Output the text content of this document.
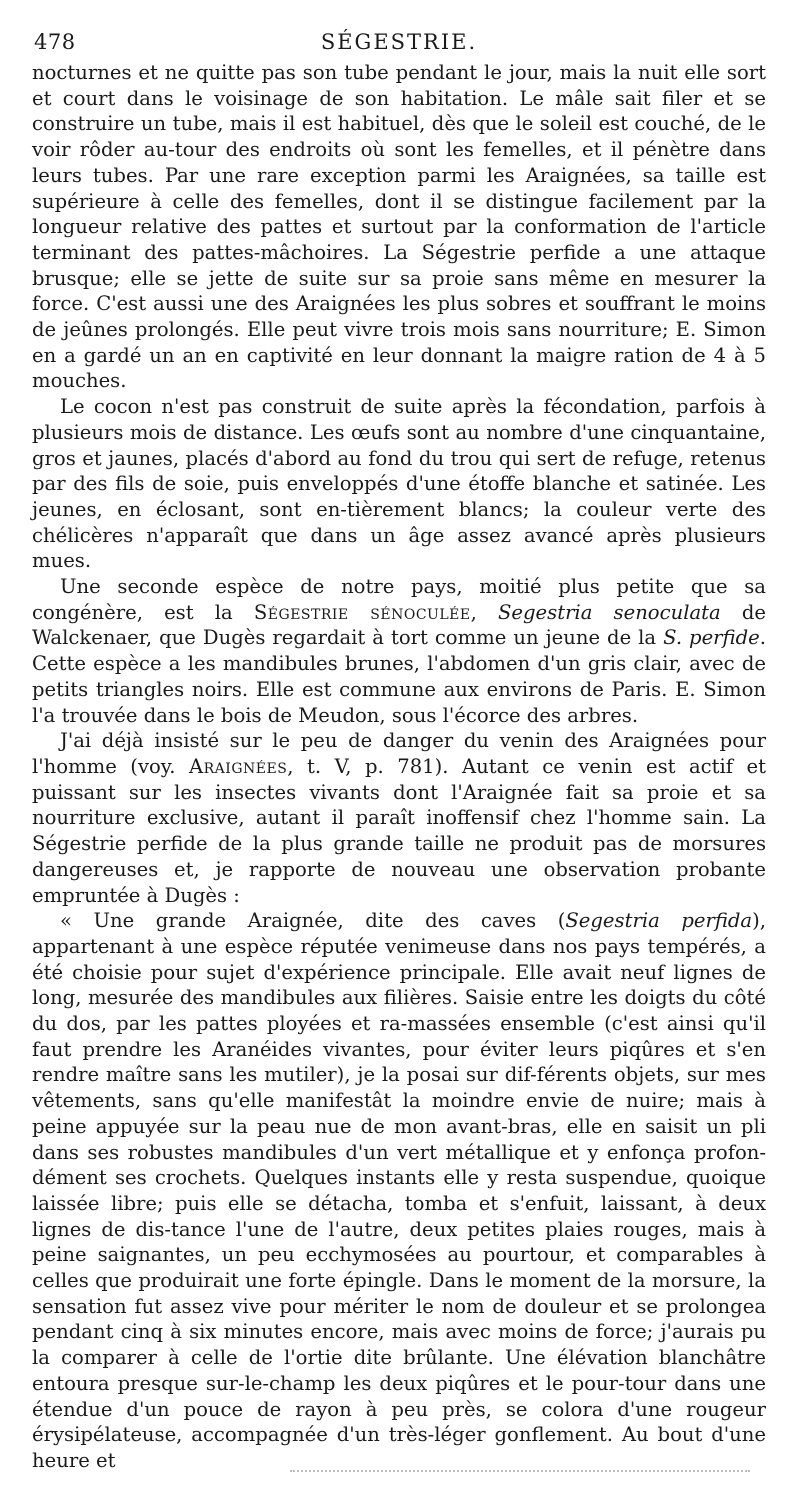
478	SÉGESTRIE.

nocturnes et ne quitte pas son tube pendant le jour, mais la nuit elle sort et court dans le voisinage de son habitation. Le mâle sait filer et se construire un tube, mais il est habituel, dès que le soleil est couché, de le voir rôder au-tour des endroits où sont les femelles, et il pénètre dans leurs tubes. Par une rare exception parmi les Araignées, sa taille est supérieure à celle des femelles, dont il se distingue facilement par la longueur relative des pattes et surtout par la conformation de l'article terminant des pattes-mâchoires. La Ségestrie perfide a une attaque brusque; elle se jette de suite sur sa proie sans même en mesurer la force. C'est aussi une des Araignées les plus sobres et souffrant le moins de jeûnes prolongés. Elle peut vivre trois mois sans nourriture; E. Simon en a gardé un an en captivité en leur donnant la maigre ration de 4 à 5 mouches.

Le cocon n'est pas construit de suite après la fécondation, parfois à plusieurs mois de distance. Les œufs sont au nombre d'une cinquantaine, gros et jaunes, placés d'abord au fond du trou qui sert de refuge, retenus par des fils de soie, puis enveloppés d'une étoffe blanche et satinée. Les jeunes, en éclosant, sont en-tièrement blancs; la couleur verte des chélicères n'apparaît que dans un âge assez avancé après plusieurs mues.

Une seconde espèce de notre pays, moitié plus petite que sa congénère, est la Ségestrie sénoculée, Segestria senoculata de Walckenaer, que Dugès regardait à tort comme un jeune de la S. perfide. Cette espèce a les mandibules brunes, l'abdomen d'un gris clair, avec de petits triangles noirs. Elle est commune aux environs de Paris. E. Simon l'a trouvée dans le bois de Meudon, sous l'écorce des arbres.

J'ai déjà insisté sur le peu de danger du venin des Araignées pour l'homme (voy. Araignées, t. V, p. 781). Autant ce venin est actif et puissant sur les insectes vivants dont l'Araignée fait sa proie et sa nourriture exclusive, autant il paraît inoffensif chez l'homme sain. La Ségestrie perfide de la plus grande taille ne produit pas de morsures dangereuses et, je rapporte de nouveau une observation probante empruntée à Dugès :

« Une grande Araignée, dite des caves (Segestria perfida), appartenant à une espèce réputée venimeuse dans nos pays tempérés, a été choisie pour sujet d'expérience principale. Elle avait neuf lignes de long, mesurée des mandibules aux filières. Saisie entre les doigts du côté du dos, par les pattes ployées et ra-massées ensemble (c'est ainsi qu'il faut prendre les Aranéides vivantes, pour éviter leurs piqûres et s'en rendre maître sans les mutiler), je la posai sur dif-férents objets, sur mes vêtements, sans qu'elle manifestât la moindre envie de nuire; mais à peine appuyée sur la peau nue de mon avant-bras, elle en saisit un pli dans ses robustes mandibules d'un vert métallique et y enfonça profon-dément ses crochets. Quelques instants elle y resta suspendue, quoique laissée libre; puis elle se détacha, tomba et s'enfuit, laissant, à deux lignes de dis-tance l'une de l'autre, deux petites plaies rouges, mais à peine saignantes, un peu ecchymosées au pourtour, et comparables à celles que produirait une forte épingle. Dans le moment de la morsure, la sensation fut assez vive pour mériter le nom de douleur et se prolongea pendant cinq à six minutes encore, mais avec moins de force; j'aurais pu la comparer à celle de l'ortie dite brûlante. Une élévation blanchâtre entoura presque sur-le-champ les deux piqûres et le pour-tour dans une étendue d'un pouce de rayon à peu près, se colora d'une rougeur érysipélateuse, accompagnée d'un très-léger gonflement. Au bout d'une heure et
